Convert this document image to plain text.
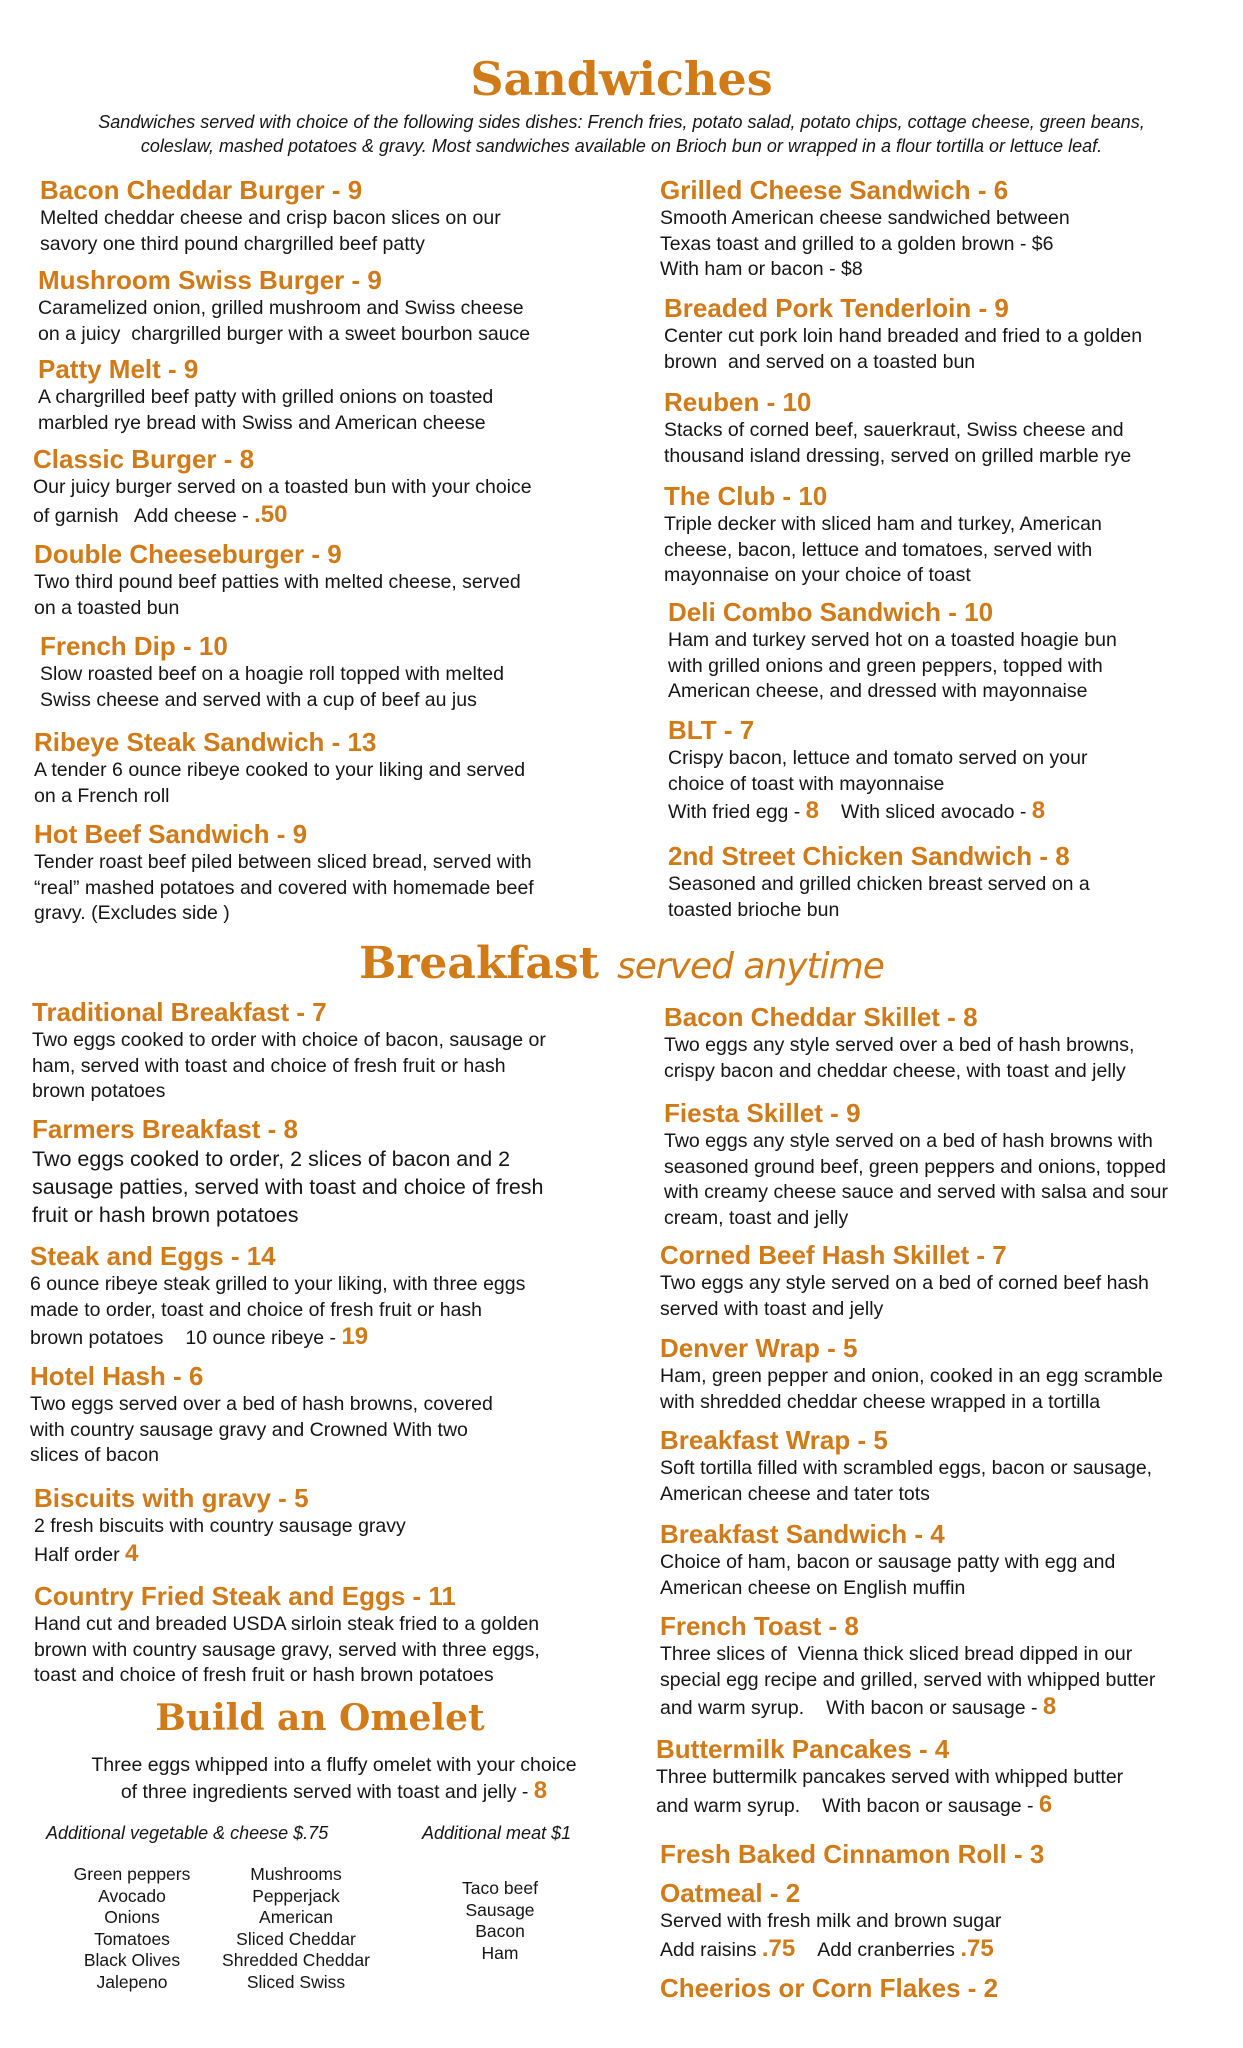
Sandwiches
Sandwiches served with choice of the following sides dishes: French fries, potato salad, potato chips, cottage cheese, green beans,
coleslaw, mashed potatoes & gravy. Most sandwiches available on Brioch bun or wrapped in a flour tortilla or lettuce leaf.
Bacon Cheddar Burger - 9
Melted cheddar cheese and crisp bacon slices on our
savory one third pound chargrilled beef patty
Mushroom Swiss Burger - 9
Caramelized onion, grilled mushroom and Swiss cheese
on a juicy  chargrilled burger with a sweet bourbon sauce
Patty Melt - 9
A chargrilled beef patty with grilled onions on toasted
marbled rye bread with Swiss and American cheese
Classic Burger - 8
Our juicy burger served on a toasted bun with your choice
of garnish   Add cheese - .50
Double Cheeseburger - 9
Two third pound beef patties with melted cheese, served
on a toasted bun
French Dip - 10
Slow roasted beef on a hoagie roll topped with melted
Swiss cheese and served with a cup of beef au jus
Ribeye Steak Sandwich - 13
A tender 6 ounce ribeye cooked to your liking and served
on a French roll
Hot Beef Sandwich - 9
Tender roast beef piled between sliced bread, served with
“real” mashed potatoes and covered with homemade beef
gravy. (Excludes side )
Grilled Cheese Sandwich - 6
Smooth American cheese sandwiched between
Texas toast and grilled to a golden brown - $6
With ham or bacon - $8
Breaded Pork Tenderloin - 9
Center cut pork loin hand breaded and fried to a golden
brown  and served on a toasted bun
Reuben - 10
Stacks of corned beef, sauerkraut, Swiss cheese and
thousand island dressing, served on grilled marble rye
The Club - 10
Triple decker with sliced ham and turkey, American
cheese, bacon, lettuce and tomatoes, served with
mayonnaise on your choice of toast
Deli Combo Sandwich - 10
Ham and turkey served hot on a toasted hoagie bun
with grilled onions and green peppers, topped with
American cheese, and dressed with mayonnaise
BLT - 7
Crispy bacon, lettuce and tomato served on your
choice of toast with mayonnaise
With fried egg - 8 With sliced avocado - 8
2nd Street Chicken Sandwich - 8
Seasoned and grilled chicken breast served on a
toasted brioche bun
Breakfast served anytime
Traditional Breakfast - 7
Two eggs cooked to order with choice of bacon, sausage or
ham, served with toast and choice of fresh fruit or hash
brown potatoes
Farmers Breakfast - 8
Two eggs cooked to order, 2 slices of bacon and 2
sausage patties, served with toast and choice of fresh
fruit or hash brown potatoes
Steak and Eggs - 14
6 ounce ribeye steak grilled to your liking, with three eggs
made to order, toast and choice of fresh fruit or hash
brown potatoes 10 ounce ribeye - 19
Hotel Hash - 6
Two eggs served over a bed of hash browns, covered
with country sausage gravy and Crowned With two
slices of bacon
Biscuits with gravy - 5
2 fresh biscuits with country sausage gravy
Half order 4
Country Fried Steak and Eggs - 11
Hand cut and breaded USDA sirloin steak fried to a golden
brown with country sausage gravy, served with three eggs,
toast and choice of fresh fruit or hash brown potatoes
Bacon Cheddar Skillet - 8
Two eggs any style served over a bed of hash browns,
crispy bacon and cheddar cheese, with toast and jelly
Fiesta Skillet - 9
Two eggs any style served on a bed of hash browns with
seasoned ground beef, green peppers and onions, topped
with creamy cheese sauce and served with salsa and sour
cream, toast and jelly
Corned Beef Hash Skillet - 7
Two eggs any style served on a bed of corned beef hash
served with toast and jelly
Denver Wrap - 5
Ham, green pepper and onion, cooked in an egg scramble
with shredded cheddar cheese wrapped in a tortilla
Breakfast Wrap - 5
Soft tortilla filled with scrambled eggs, bacon or sausage,
American cheese and tater tots
Breakfast Sandwich - 4
Choice of ham, bacon or sausage patty with egg and
American cheese on English muffin
French Toast - 8
Three slices of  Vienna thick sliced bread dipped in our
special egg recipe and grilled, served with whipped butter
and warm syrup. With bacon or sausage - 8
Buttermilk Pancakes - 4
Three buttermilk pancakes served with whipped butter
and warm syrup. With bacon or sausage - 6
Fresh Baked Cinnamon Roll - 3
Oatmeal - 2
Served with fresh milk and brown sugar
Add raisins .75 Add cranberries .75
Cheerios or Corn Flakes - 2
Build an Omelet
Three eggs whipped into a fluffy omelet with your choice
of three ingredients served with toast and jelly - 8
Additional vegetable & cheese $.75	Additional meat $1
Green peppers
Avocado
Onions
Tomatoes
Black Olives
Jalepeno
Mushrooms
Pepperjack
American
Sliced Cheddar
Shredded Cheddar
Sliced Swiss
Taco beef
Sausage
Bacon
Ham
